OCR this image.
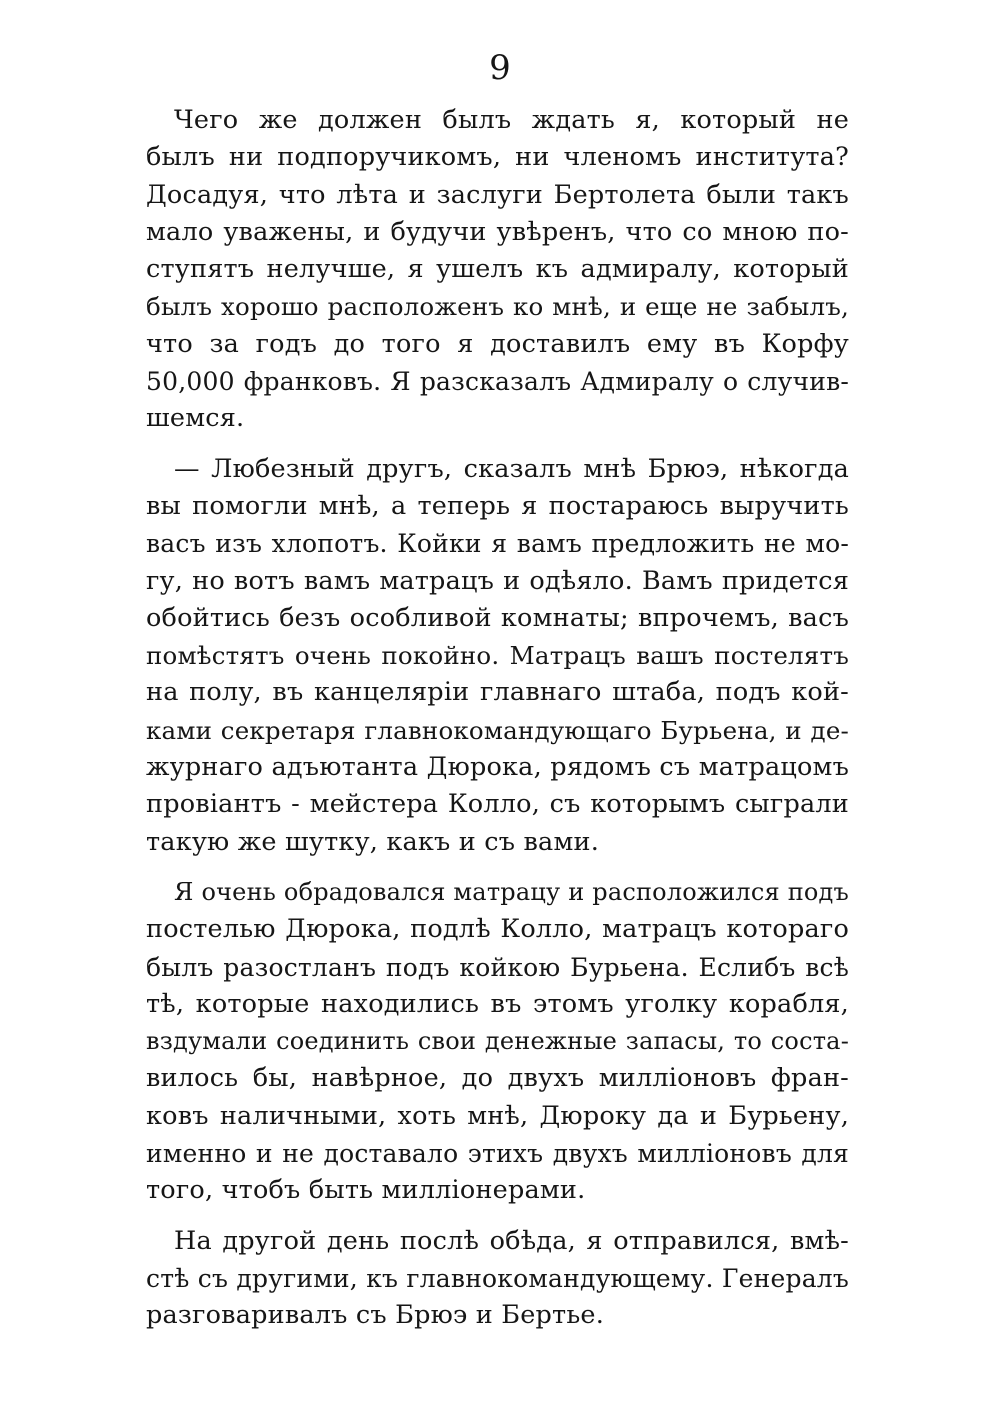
9
Чего же должен былъ ждать я, который не
былъ ни подпоручикомъ, ни членомъ института?
Досадуя, что лѣта и заслуги Бертолета были такъ
мало уважены, и будучи увѣренъ, что со мною по-
ступятъ нелучше, я ушелъ къ адмиралу, который
былъ хорошо расположенъ ко мнѣ, и еще не забылъ,
что за годъ до того я доставилъ ему въ Корфу
50,000 франковъ. Я разсказалъ Адмиралу о случив-
шемся.
— Любезный другъ, сказалъ мнѣ Брюэ, нѣкогда
вы помогли мнѣ, а теперь я постараюсь выручить
васъ изъ хлопотъ. Койки я вамъ предложить не мо-
гу, но вотъ вамъ матрацъ и одѣяло. Вамъ придется
обойтись безъ особливой комнаты; впрочемъ, васъ
помѣстятъ очень покойно. Матрацъ вашъ постелятъ
на полу, въ канцеляріи главнаго штаба, подъ кой-
ками секретаря главнокомандующаго Бурьена, и де-
журнаго адъютанта Дюрока, рядомъ съ матрацомъ
провіантъ - мейстера Колло, съ которымъ сыграли
такую же шутку, какъ и съ вами.
Я очень обрадовался матрацу и расположился подъ
постелью Дюрока, подлѣ Колло, матрацъ котораго
былъ разостланъ подъ койкою Бурьена. Еслибъ всѣ
тѣ, которые находились въ этомъ уголку корабля,
вздумали соединить свои денежные запасы, то соста-
вилось бы, навѣрное, до двухъ милліоновъ фран-
ковъ наличными, хоть мнѣ, Дюроку да и Бурьену,
именно и не доставало этихъ двухъ милліоновъ для
того, чтобъ быть милліонерами.
На другой день послѣ обѣда, я отправился, вмѣ-
стѣ съ другими, къ главнокомандующему. Генералъ
разговаривалъ съ Брюэ и Бертье.
